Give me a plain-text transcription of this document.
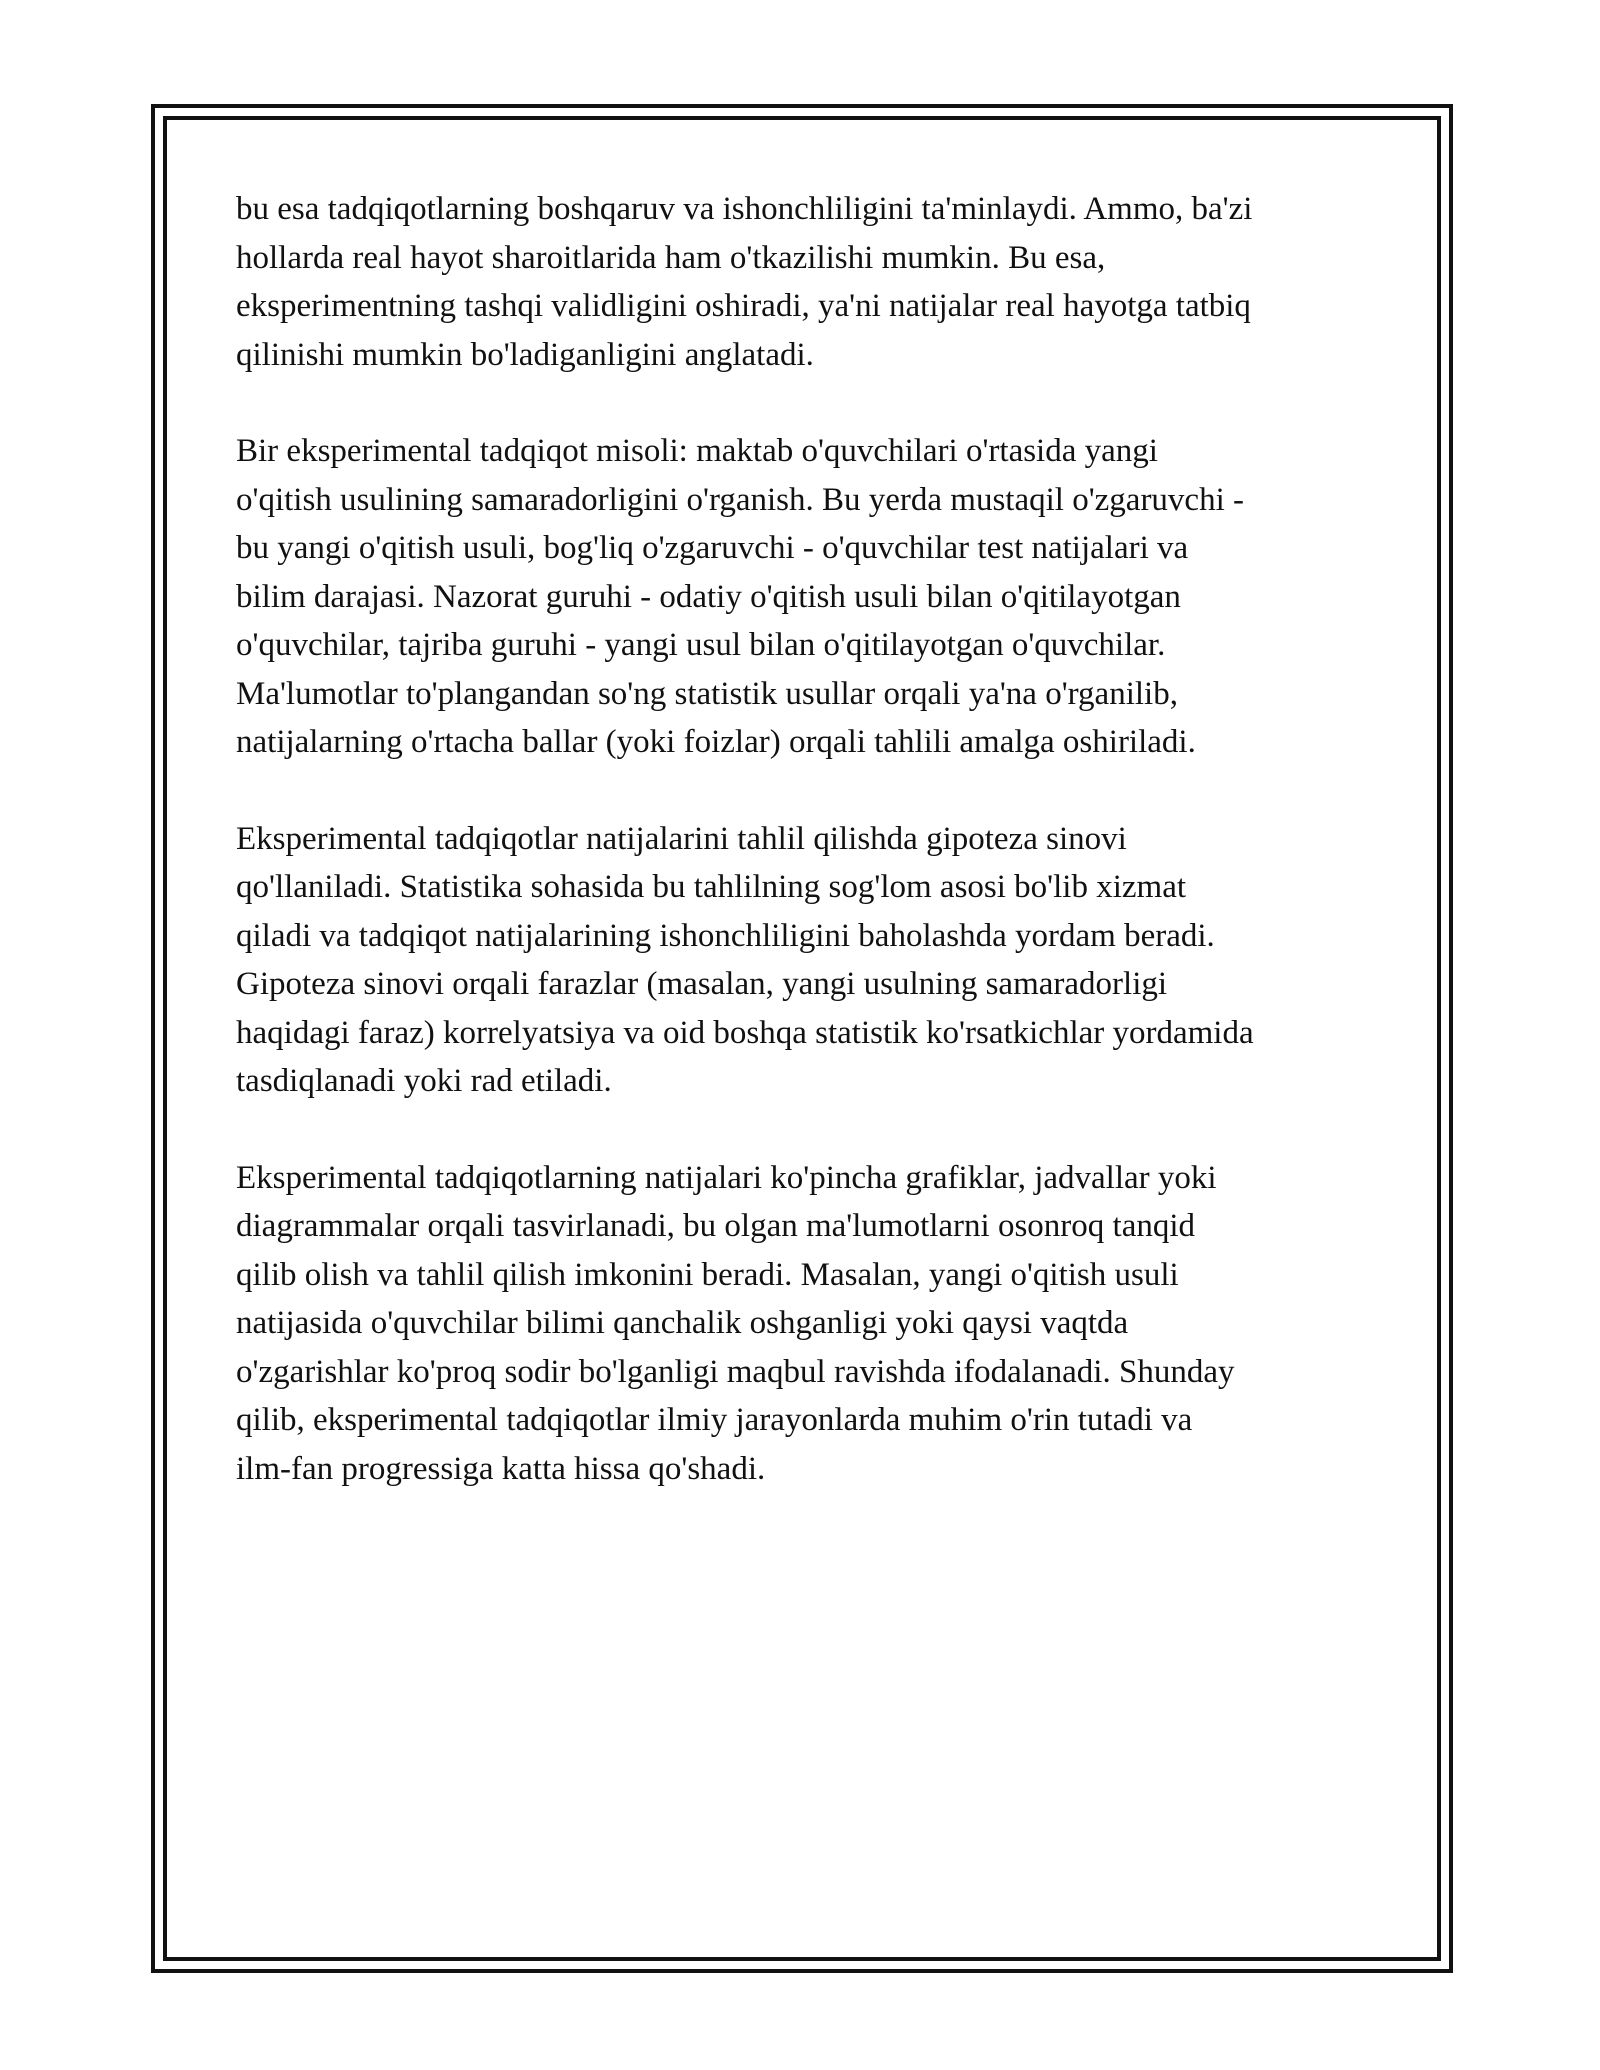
bu esa tadqiqotlarning boshqaruv va ishonchliligini ta'minlaydi. Ammo, ba'zi
hollarda real hayot sharoitlarida ham o'tkazilishi mumkin. Bu esa,
eksperimentning tashqi validligini oshiradi, ya'ni natijalar real hayotga tatbiq
qilinishi mumkin bo'ladiganligini anglatadi.

Bir eksperimental tadqiqot misoli: maktab o'quvchilari o'rtasida yangi
o'qitish usulining samaradorligini o'rganish. Bu yerda mustaqil o'zgaruvchi -
bu yangi o'qitish usuli, bog'liq o'zgaruvchi - o'quvchilar test natijalari va
bilim darajasi. Nazorat guruhi - odatiy o'qitish usuli bilan o'qitilayotgan
o'quvchilar, tajriba guruhi - yangi usul bilan o'qitilayotgan o'quvchilar.
Ma'lumotlar to'plangandan so'ng statistik usullar orqali ya'na o'rganilib,
natijalarning o'rtacha ballar (yoki foizlar) orqali tahlili amalga oshiriladi.

Eksperimental tadqiqotlar natijalarini tahlil qilishda gipoteza sinovi
qo'llaniladi. Statistika sohasida bu tahlilning sog'lom asosi bo'lib xizmat
qiladi va tadqiqot natijalarining ishonchliligini baholashda yordam beradi.
Gipoteza sinovi orqali farazlar (masalan, yangi usulning samaradorligi
haqidagi faraz) korrelyatsiya va oid boshqa statistik ko'rsatkichlar yordamida
tasdiqlanadi yoki rad etiladi.

Eksperimental tadqiqotlarning natijalari ko'pincha grafiklar, jadvallar yoki
diagrammalar orqali tasvirlanadi, bu olgan ma'lumotlarni osonroq tanqid
qilib olish va tahlil qilish imkonini beradi. Masalan, yangi o'qitish usuli
natijasida o'quvchilar bilimi qanchalik oshganligi yoki qaysi vaqtda
o'zgarishlar ko'proq sodir bo'lganligi maqbul ravishda ifodalanadi. Shunday
qilib, eksperimental tadqiqotlar ilmiy jarayonlarda muhim o'rin tutadi va
ilm-fan progressiga katta hissa qo'shadi.
